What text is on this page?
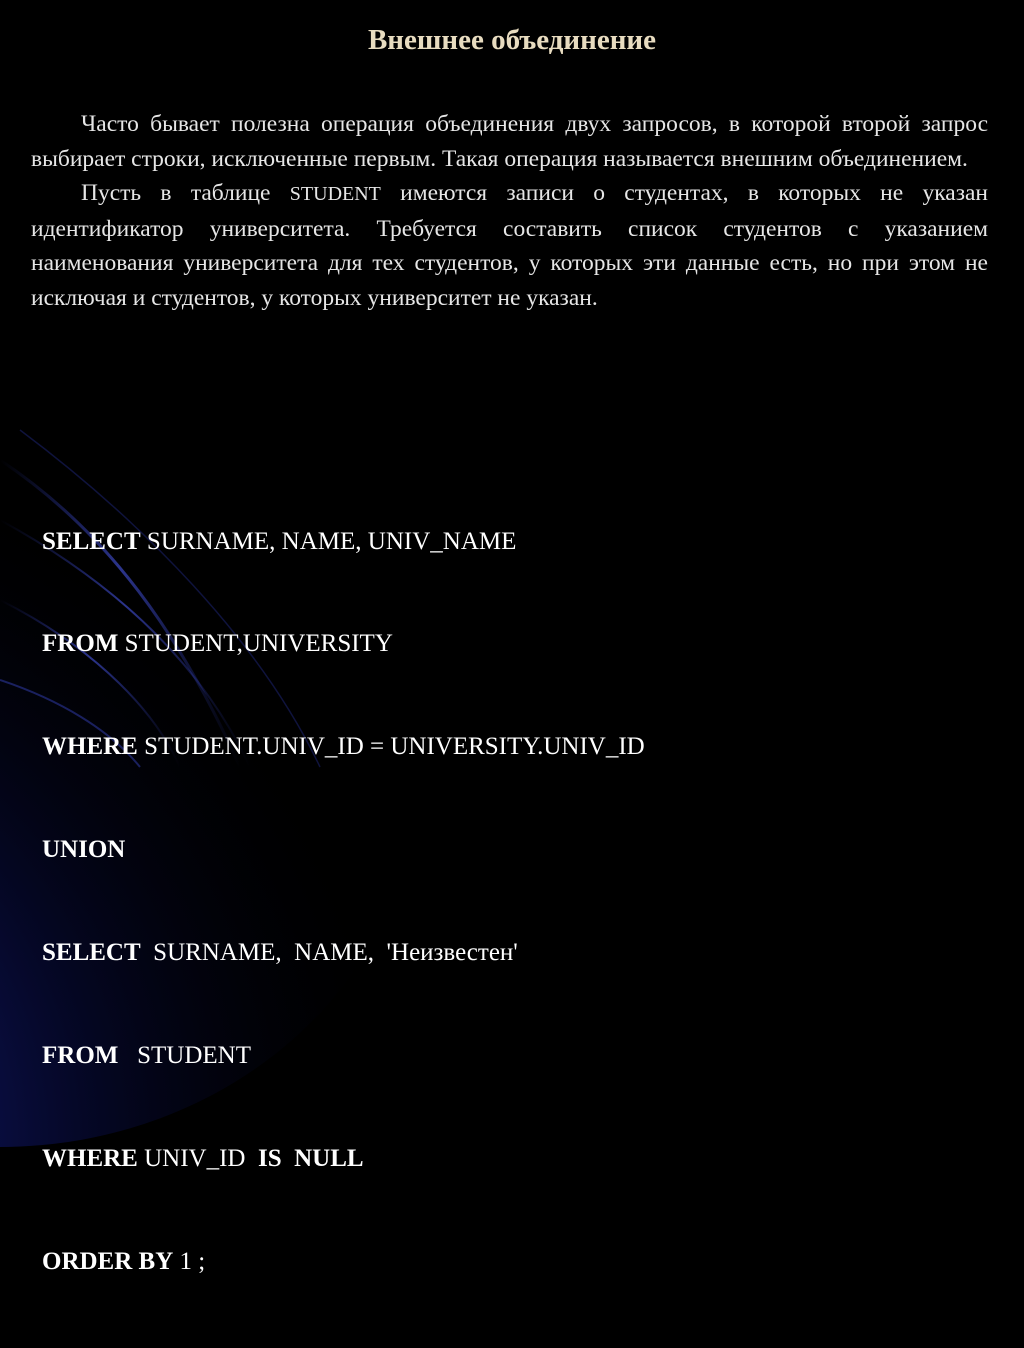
Внешнее объединение

Часто бывает полезна операция объединения двух запросов, в которой второй запрос выбирает строки, исключенные первым. Такая операция называется внешним объединением.

Пусть в таблице STUDENT имеются записи о студентах, в которых не указан идентификатор университета. Требуется составить список студентов с указанием наименования университета для тех студентов, у которых эти данные есть, но при этом не исключая и студентов, у которых университет не указан.

SELECT SURNAME, NAME, UNIV_NAME

FROM STUDENT,UNIVERSITY

WHERE STUDENT.UNIV_ID = UNIVERSITY.UNIV_ID

UNION

SELECT  SURNAME,  NAME,  'Неизвестен'

FROM   STUDENT

WHERE UNIV_ID  IS  NULL

ORDER BY 1 ;
